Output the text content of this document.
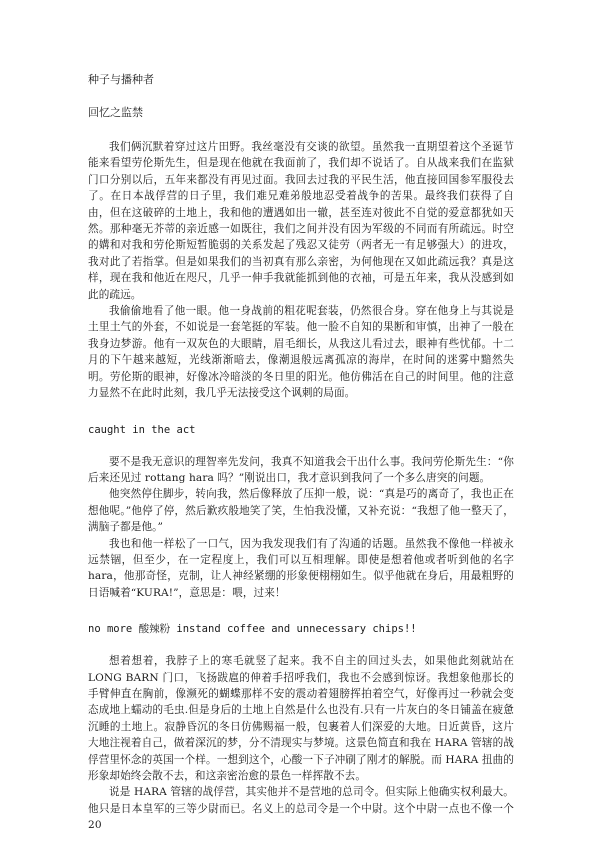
种子与播种者

回忆之监禁

我们俩沉默着穿过这片田野。我丝毫没有交谈的欲望。虽然我一直期望着这个圣诞节能来看望劳伦斯先生，但是现在他就在我面前了，我们却不说话了。自从战来我们在监狱门口分别以后，五年来都没有再见过面。我回去过我的平民生活，他直接回国参军服役去了。在日本战俘营的日子里，我们难兄难弟般地忍受着战争的苦果。最终我们获得了自由，但在这破碎的土地上，我和他的遭遇如出一辙，甚至连对彼此不自觉的爱意都犹如天然。那种毫无芥蒂的亲近感一如既往，我们之间并没有因为军级的不同而有所疏远。时空的媾和对我和劳伦斯短暂脆弱的关系发起了残忍又徒劳（两者无一有足够强大）的进攻，我对此了若指掌。但是如果我们的当初真有那么亲密，为何他现在又如此疏远我？真是这样，现在我和他近在咫尺，几乎一伸手我就能抓到他的衣袖，可是五年来，我从没感到如此的疏远。

我偷偷地看了他一眼。他一身战前的粗花呢套装，仍然很合身。穿在他身上与其说是土里土气的外套，不如说是一套笔挺的军装。他一脸不自知的果断和审慎，出神了一般在我身边梦游。他有一双灰色的大眼睛，眉毛细长，从我这儿看过去，眼神有些忧郁。十二月的下午越来越短，光线渐渐暗去，像潮退般远离孤凉的海岸，在时间的迷雾中黯然失明。劳伦斯的眼神，好像冰冷暗淡的冬日里的阳光。他仿佛活在自己的时间里。他的注意力显然不在此时此刻，我几乎无法接受这个讽刺的局面。

caught in the act

要不是我无意识的理智率先发问，我真不知道我会干出什么事。我问劳伦斯先生：“你后来还见过 rottang hara 吗？”刚说出口，我才意识到我问了一个多么唐突的问题。

他突然停住脚步，转向我，然后像释放了压抑一般，说：“真是巧的离奇了，我也正在想他呢。”他停了停，然后歉疚般地笑了笑，生怕我没懂，又补充说：“我想了他一整天了，满脑子都是他。”

我也和他一样松了一口气，因为我发现我们有了沟通的话题。虽然我不像他一样被永远禁锢，但至少，在一定程度上，我们可以互相理解。即使是想着他或者听到他的名字 hara，他那奇怪，克制，让人神经紧绷的形象便栩栩如生。似乎他就在身后，用最粗野的日语喊着“KURA!”，意思是：喂，过来！

no more 酸辣粉 instand coffee and unnecessary chips!!

想着想着，我脖子上的寒毛就竖了起来。我不自主的回过头去，如果他此刻就站在 LONG BARN 门口，飞扬跋扈的伸着手招呼我们，我也不会感到惊讶。我想象他那长的手臂伸直在胸前，像濒死的蝴蝶那样不安的震动着翅膀挥拍着空气，好像再过一秒就会变态成地上蠕动的毛虫.但是身后的土地上自然是什么也没有.只有一片灰白的冬日铺盖在疲惫沉睡的土地上。寂静昏沉的冬日仿佛赐福一般，包裹着人们深爱的大地。日近黄昏，这片大地注视着自己，做着深沉的梦，分不清现实与梦境。这景色简直和我在 HARA 管辖的战俘营里怀念的英国一个样。一想到这个，心酸一下子冲刷了刚才的解脱。而 HARA 扭曲的形象却始终会散不去，和这亲密治愈的景色一样挥散不去。

说是 HARA 管辖的战俘营，其实他并不是营地的总司令。但实际上他确实权利最大。他只是日本皇军的三等少尉而已。名义上的总司令是一个中尉。这个中尉一点也不像一个 20
